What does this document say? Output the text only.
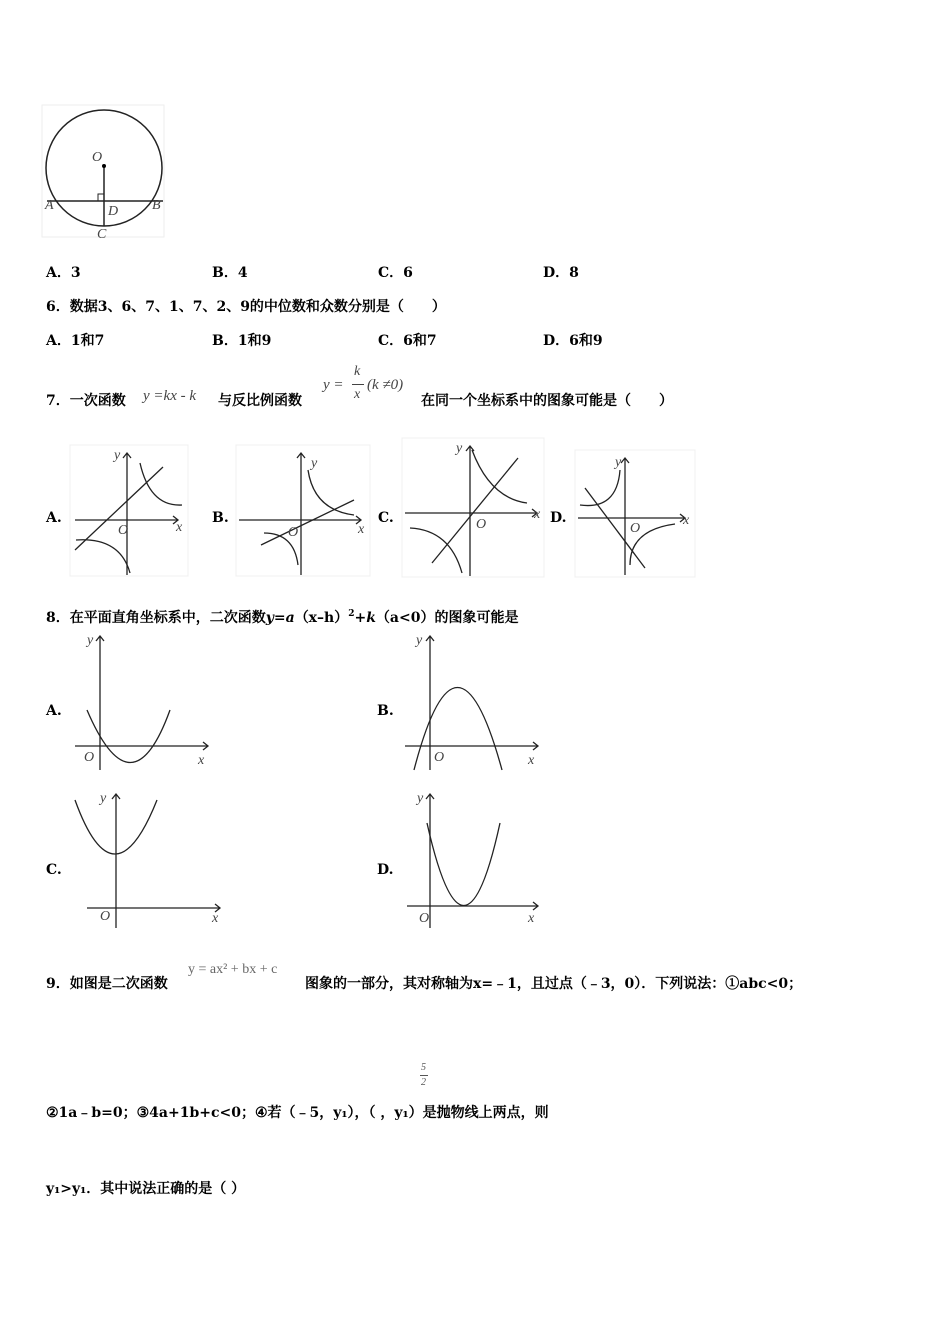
O
A	B
D
C
A．3	B．4	C．6	D．8
6．数据3、6、7、1、7、2、9的中位数和众数分别是（　　）
A．1和7	B．1和9	C．6和7	D．6和9
7．一次函数 y =kx - k 与反比例函数
y =
k
x
(k ≠0)
在同一个坐标系中的图象可能是（　　）
A.	B.	C.	D.
y
O	x
y
O	x
y
O
x
y
O
x
8．在平面直角坐标系中，二次函数$y=a(x-h)^2+k(a<0)$的图象可能是
A.	B.
C.	D.
y
O	x
y
O	x
y
O	x
y
O	x
9．如图是二次函数
y = ax² + bx + c
图象的一部分，其对称轴为x=﹣1，且过点（﹣3，0）．下列说法：①abc<0；
5
2
②1a﹣b=0；③4a+1b+c<0；④若（﹣5，y₁），（ ，y₁）是抛物线上两点，则
y₁>y₁．其中说法正确的是（ ）
